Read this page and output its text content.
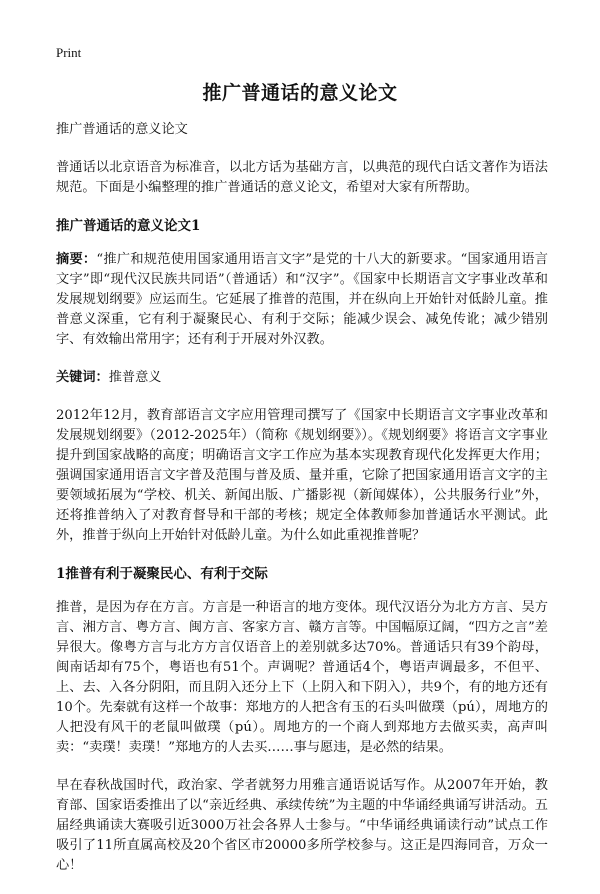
Print
推广普通话的意义论文

推广普通话的意义论文

普通话以北京语音为标准音，以北方话为基础方言，以典范的现代白话文著作为语法规范。下面是小编整理的推广普通话的意义论文，希望对大家有所帮助。

推广普通话的意义论文1

摘要：“推广和规范使用国家通用语言文字”是党的十八大的新要求。“国家通用语言文字”即“现代汉民族共同语”（普通话）和“汉字”。《国家中长期语言文字事业改革和发展规划纲要》应运而生。它延展了推普的范围，并在纵向上开始针对低龄儿童。推普意义深重，它有利于凝聚民心、有利于交际；能减少误会、减免传讹；减少错别字、有效输出常用字；还有利于开展对外汉教。

关键词：推普意义

2012年12月，教育部语言文字应用管理司撰写了《国家中长期语言文字事业改革和发展规划纲要》（2012-2025年）（简称《规划纲要》）。《规划纲要》将语言文字事业提升到国家战略的高度；明确语言文字工作应为基本实现教育现代化发挥更大作用；强调国家通用语言文字普及范围与普及质、量并重，它除了把国家通用语言文字的主要领域拓展为“学校、机关、新闻出版、广播影视（新闻媒体），公共服务行业”外，还将推普纳入了对教育督导和干部的考核；规定全体教师参加普通话水平测试。此外，推普于纵向上开始针对低龄儿童。为什么如此重视推普呢？

1推普有利于凝聚民心、有利于交际

推普，是因为存在方言。方言是一种语言的地方变体。现代汉语分为北方方言、吴方言、湘方言、粤方言、闽方言、客家方言、赣方言等。中国幅原辽阔，“四方之言”差异很大。像粤方言与北方方言仅语音上的差别就多达70%。普通话只有39个韵母，闽南话却有75个，粤语也有51个。声调呢？普通话4个，粤语声调最多，不但平、上、去、入各分阴阳，而且阴入还分上下（上阴入和下阴入），共9个，有的地方还有10个。先秦就有这样一个故事：郑地方的人把含有玉的石头叫做璞（pú），周地方的人把没有风干的老鼠叫做璞（pú）。周地方的一个商人到郑地方去做买卖，高声叫卖：“卖璞！卖璞！”郑地方的人去买……事与愿违，是必然的结果。

早在春秋战国时代，政治家、学者就努力用雅言通语说话写作。从2007年开始，教育部、国家语委推出了以“亲近经典、承续传统”为主题的中华诵经典诵写讲活动。五届经典诵读大赛吸引近3000万社会各界人士参与。“中华诵经典诵读行动”试点工作吸引了11所直属高校及20个省区市20000多所学校参与。这正是四海同音，万众一心！
